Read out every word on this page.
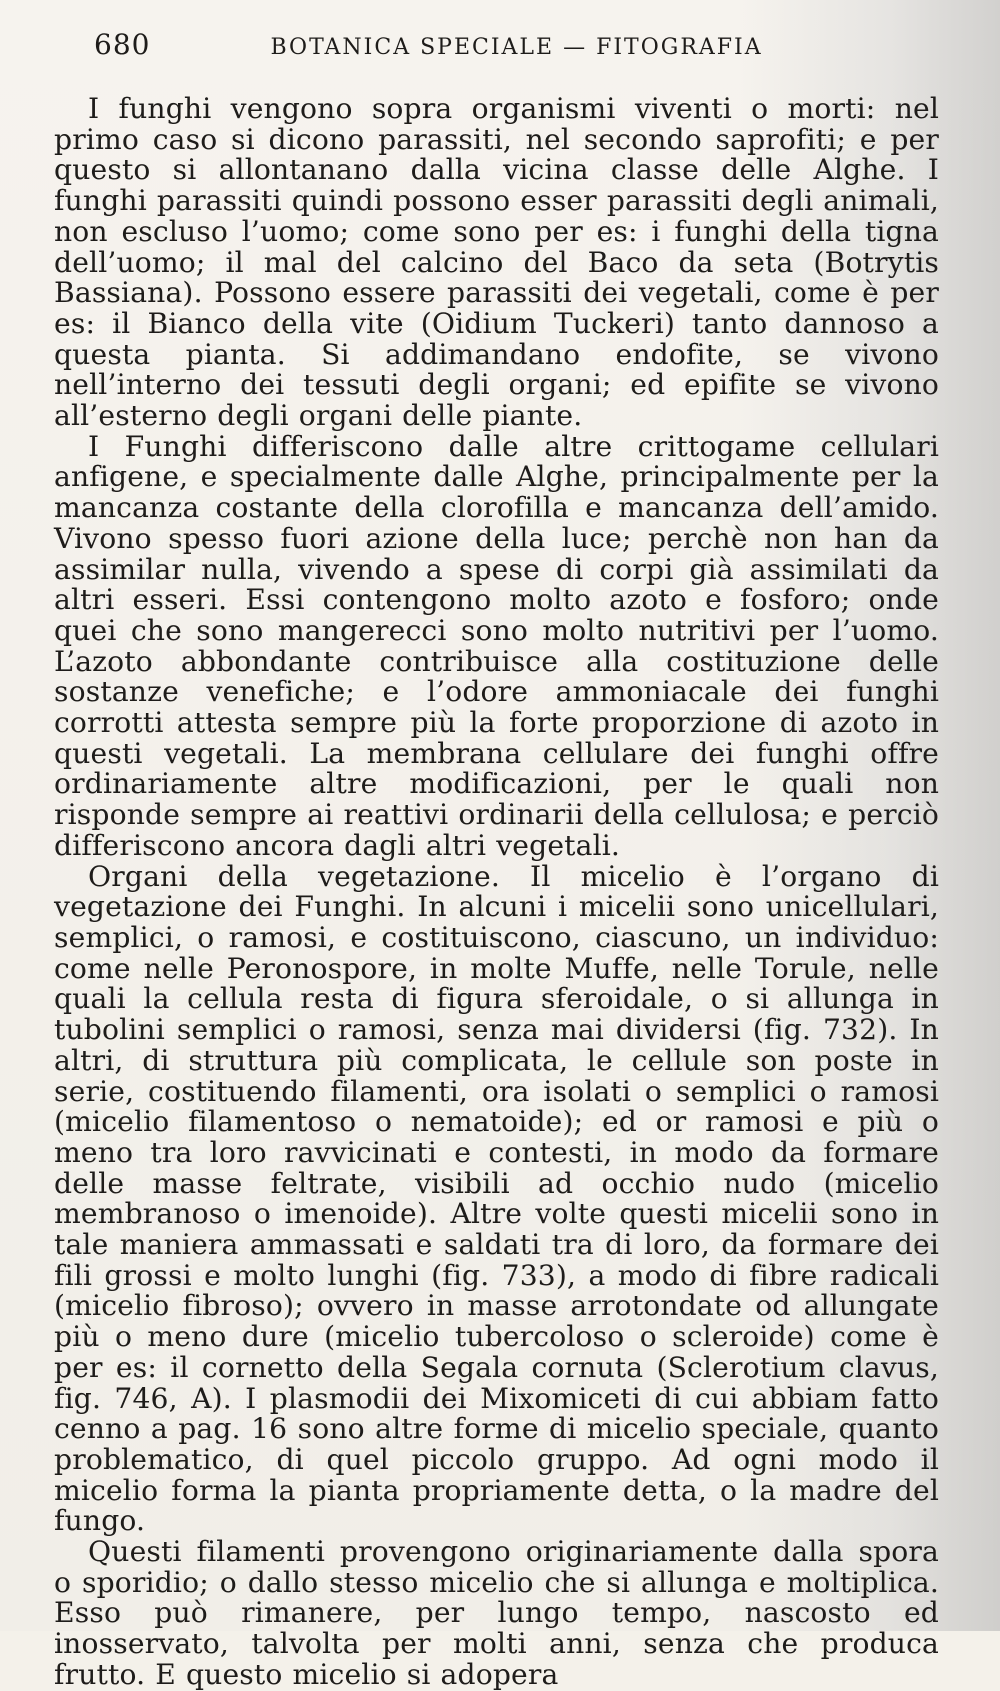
680	BOTANICA SPECIALE — FITOGRAFIA

I funghi vengono sopra organismi viventi o morti: nel primo caso si dicono parassiti, nel secondo saprofiti; e per questo si allontanano dalla vicina classe delle Alghe. I funghi parassiti quindi possono esser parassiti degli animali, non escluso l’uomo; come sono per es: i funghi della tigna dell’uomo; il mal del calcino del Baco da seta (Botrytis Bassiana). Possono essere parassiti dei vegetali, come è per es: il Bianco della vite (Oidium Tuckeri) tanto dannoso a questa pianta. Si addimandano endofite, se vivono nell’interno dei tessuti degli organi; ed epifite se vivono all’esterno degli organi delle piante.

I Funghi differiscono dalle altre crittogame cellulari anfigene, e specialmente dalle Alghe, principalmente per la mancanza costante della clorofilla e mancanza dell’amido. Vivono spesso fuori azione della luce; perchè non han da assimilar nulla, vivendo a spese di corpi già assimilati da altri esseri. Essi contengono molto azoto e fosforo; onde quei che sono mangerecci sono molto nutritivi per l’uomo. L’azoto abbondante contribuisce alla costituzione delle sostanze venefiche; e l’odore ammoniacale dei funghi corrotti attesta sempre più la forte proporzione di azoto in questi vegetali. La membrana cellulare dei funghi offre ordinariamente altre modificazioni, per le quali non risponde sempre ai reattivi ordinarii della cellulosa; e perciò differiscono ancora dagli altri vegetali.

Organi della vegetazione. Il micelio è l’organo di vegetazione dei Funghi. In alcuni i micelii sono unicellulari, semplici, o ramosi, e costituiscono, ciascuno, un individuo: come nelle Peronospore, in molte Muffe, nelle Torule, nelle quali la cellula resta di figura sferoidale, o si allunga in tubolini semplici o ramosi, senza mai dividersi (fig. 732). In altri, di struttura più complicata, le cellule son poste in serie, costituendo filamenti, ora isolati o semplici o ramosi (micelio filamentoso o nematoide); ed or ramosi e più o meno tra loro ravvicinati e contesti, in modo da formare delle masse feltrate, visibili ad occhio nudo (micelio membranoso o imenoide). Altre volte questi micelii sono in tale maniera ammassati e saldati tra di loro, da formare dei fili grossi e molto lunghi (fig. 733), a modo di fibre radicali (micelio fibroso); ovvero in masse arrotondate od allungate più o meno dure (micelio tubercoloso o scleroide) come è per es: il cornetto della Segala cornuta (Sclerotium clavus, fig. 746, A). I plasmodii dei Mixomiceti di cui abbiam fatto cenno a pag. 16 sono altre forme di micelio speciale, quanto problematico, di quel piccolo gruppo. Ad ogni modo il micelio forma la pianta propriamente detta, o la madre del fungo.

Questi filamenti provengono originariamente dalla spora o sporidio; o dallo stesso micelio che si allunga e moltiplica. Esso può rimanere, per lungo tempo, nascosto ed inosservato, talvolta per molti anni, senza che produca frutto. E questo micelio si adopera
